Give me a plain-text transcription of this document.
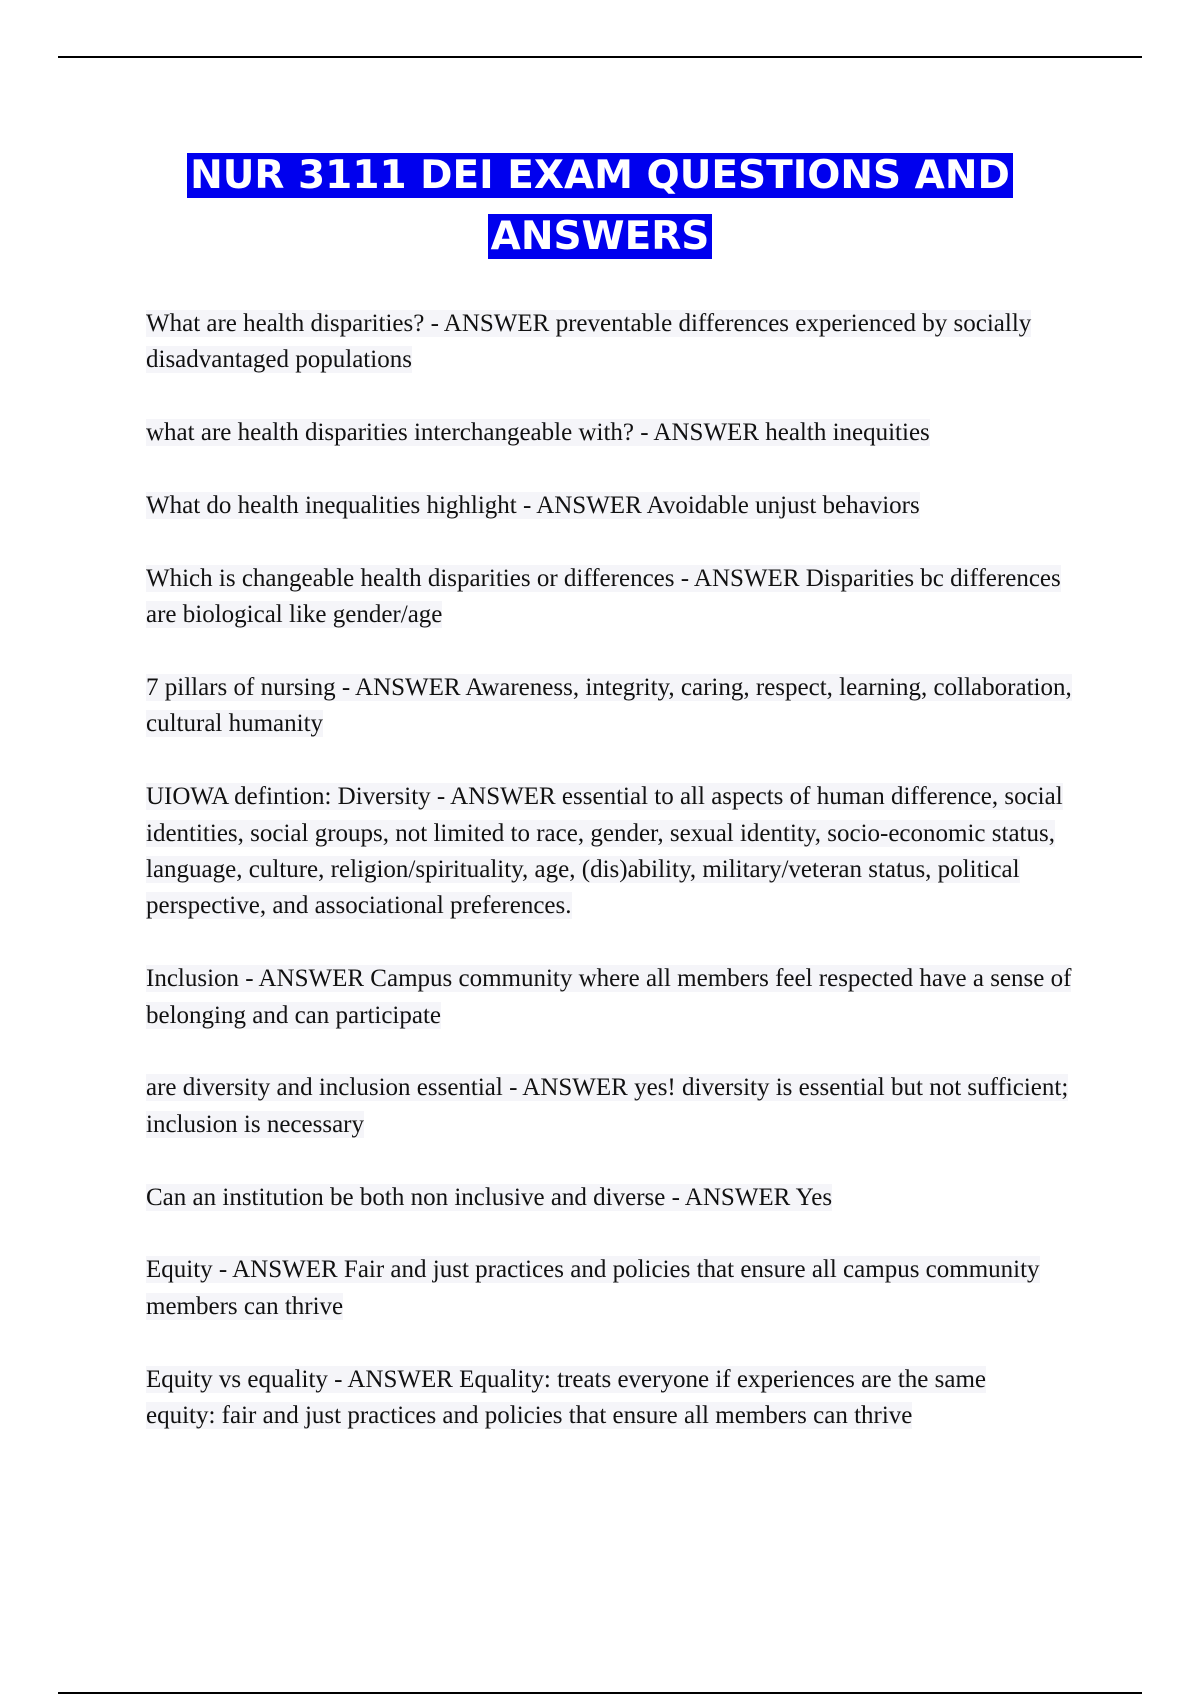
NUR 3111 DEI EXAM QUESTIONS AND
ANSWERS
What are health disparities? - ANSWER preventable differences experienced by socially disadvantaged populations
what are health disparities interchangeable with? - ANSWER health inequities
What do health inequalities highlight - ANSWER Avoidable unjust behaviors
Which is changeable health disparities or differences - ANSWER Disparities bc differences are biological like gender/age
7 pillars of nursing - ANSWER Awareness, integrity, caring, respect, learning, collaboration, cultural humanity
UIOWA defintion: Diversity - ANSWER essential to all aspects of human difference, social identities, social groups, not limited to race, gender, sexual identity, socio-economic status, language, culture, religion/spirituality, age, (dis)ability, military/veteran status, political perspective, and associational preferences.
Inclusion - ANSWER Campus community where all members feel respected have a sense of belonging and can participate
are diversity and inclusion essential - ANSWER yes! diversity is essential but not sufficient; inclusion is necessary
Can an institution be both non inclusive and diverse - ANSWER Yes
Equity - ANSWER Fair and just practices and policies that ensure all campus community members can thrive
Equity vs equality - ANSWER Equality: treats everyone if experiences are the same
equity: fair and just practices and policies that ensure all members can thrive
